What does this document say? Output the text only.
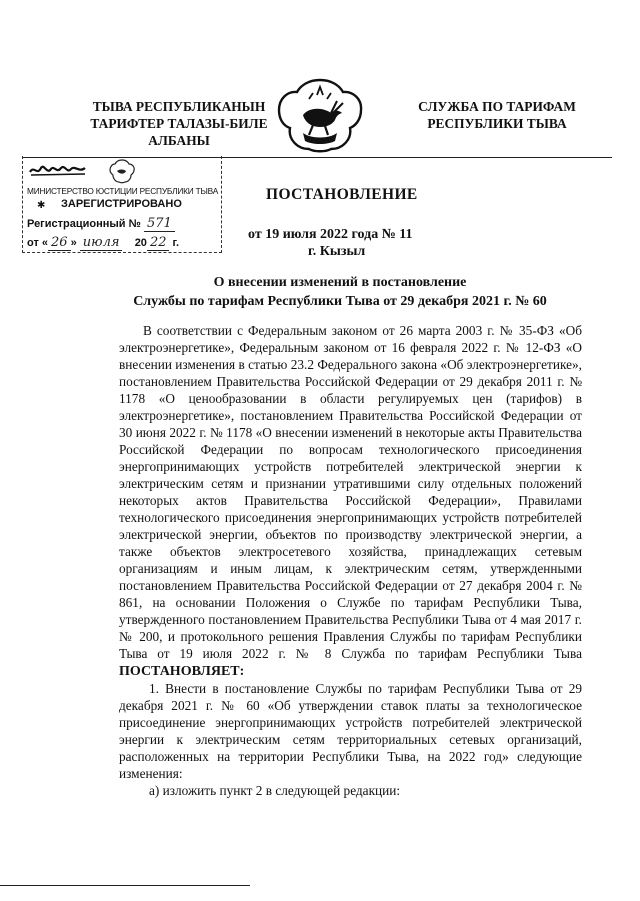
ТЫВА РЕСПУБЛИКАНЫН
ТАРИФТЕР ТАЛАЗЫ-БИЛЕ
АЛБАНЫ
СЛУЖБА ПО ТАРИФАМ
РЕСПУБЛИКИ ТЫВА
МИНИСТЕРСТВО ЮСТИЦИИ РЕСПУБЛИКИ ТЫВА
✱ ЗАРЕГИСТРИРОВАНО
Регистрационный № 571
от « 26 » июля 20 22 г.
ПОСТАНОВЛЕНИЕ
от 19 июля 2022 года № 11
г. Кызыл
О внесении изменений в постановление
Службы по тарифам Республики Тыва от 29 декабря 2021 г. № 60

В соответствии с Федеральным законом от 26 марта 2003 г. № 35-ФЗ «Об электроэнергетике», Федеральным законом от 16 февраля 2022 г. № 12-ФЗ «О внесении изменения в статью 23.2 Федерального закона «Об электроэнергетике», постановлением Правительства Российской Федерации от 29 декабря 2011 г. № 1178 «О ценообразовании в области регулируемых цен (тарифов) в электроэнергетике», постановлением Правительства Российской Федерации от 30 июня 2022 г. № 1178 «О внесении изменений в некоторые акты Правительства Российской Федерации по вопросам технологического присоединения энергопринимающих устройств потребителей электрической энергии к электрическим сетям и признании утратившими силу отдельных положений некоторых актов Правительства Российской Федерации», Правилами технологического присоединения энергопринимающих устройств потребителей электрической энергии, объектов по производству электрической энергии, а также объектов электросетевого хозяйства, принадлежащих сетевым организациям и иным лицам, к электрическим сетям, утвержденными постановлением Правительства Российской Федерации от 27 декабря 2004 г. № 861, на основании Положения о Службе по тарифам Республики Тыва, утвержденного постановлением Правительства Республики Тыва от 4 мая 2017 г. № 200, и протокольного решения Правления Службы по тарифам Республики Тыва от 19 июля 2022 г. № 8 Служба по тарифам Республики Тыва ПОСТАНОВЛЯЕТ:

1. Внести в постановление Службы по тарифам Республики Тыва от 29 декабря 2021 г. № 60 «Об утверждении ставок платы за технологическое присоединение энергопринимающих устройств потребителей электрической энергии к электрическим сетям территориальных сетевых организаций, расположенных на территории Республики Тыва, на 2022 год» следующие изменения:

а) изложить пункт 2 в следующей редакции:
